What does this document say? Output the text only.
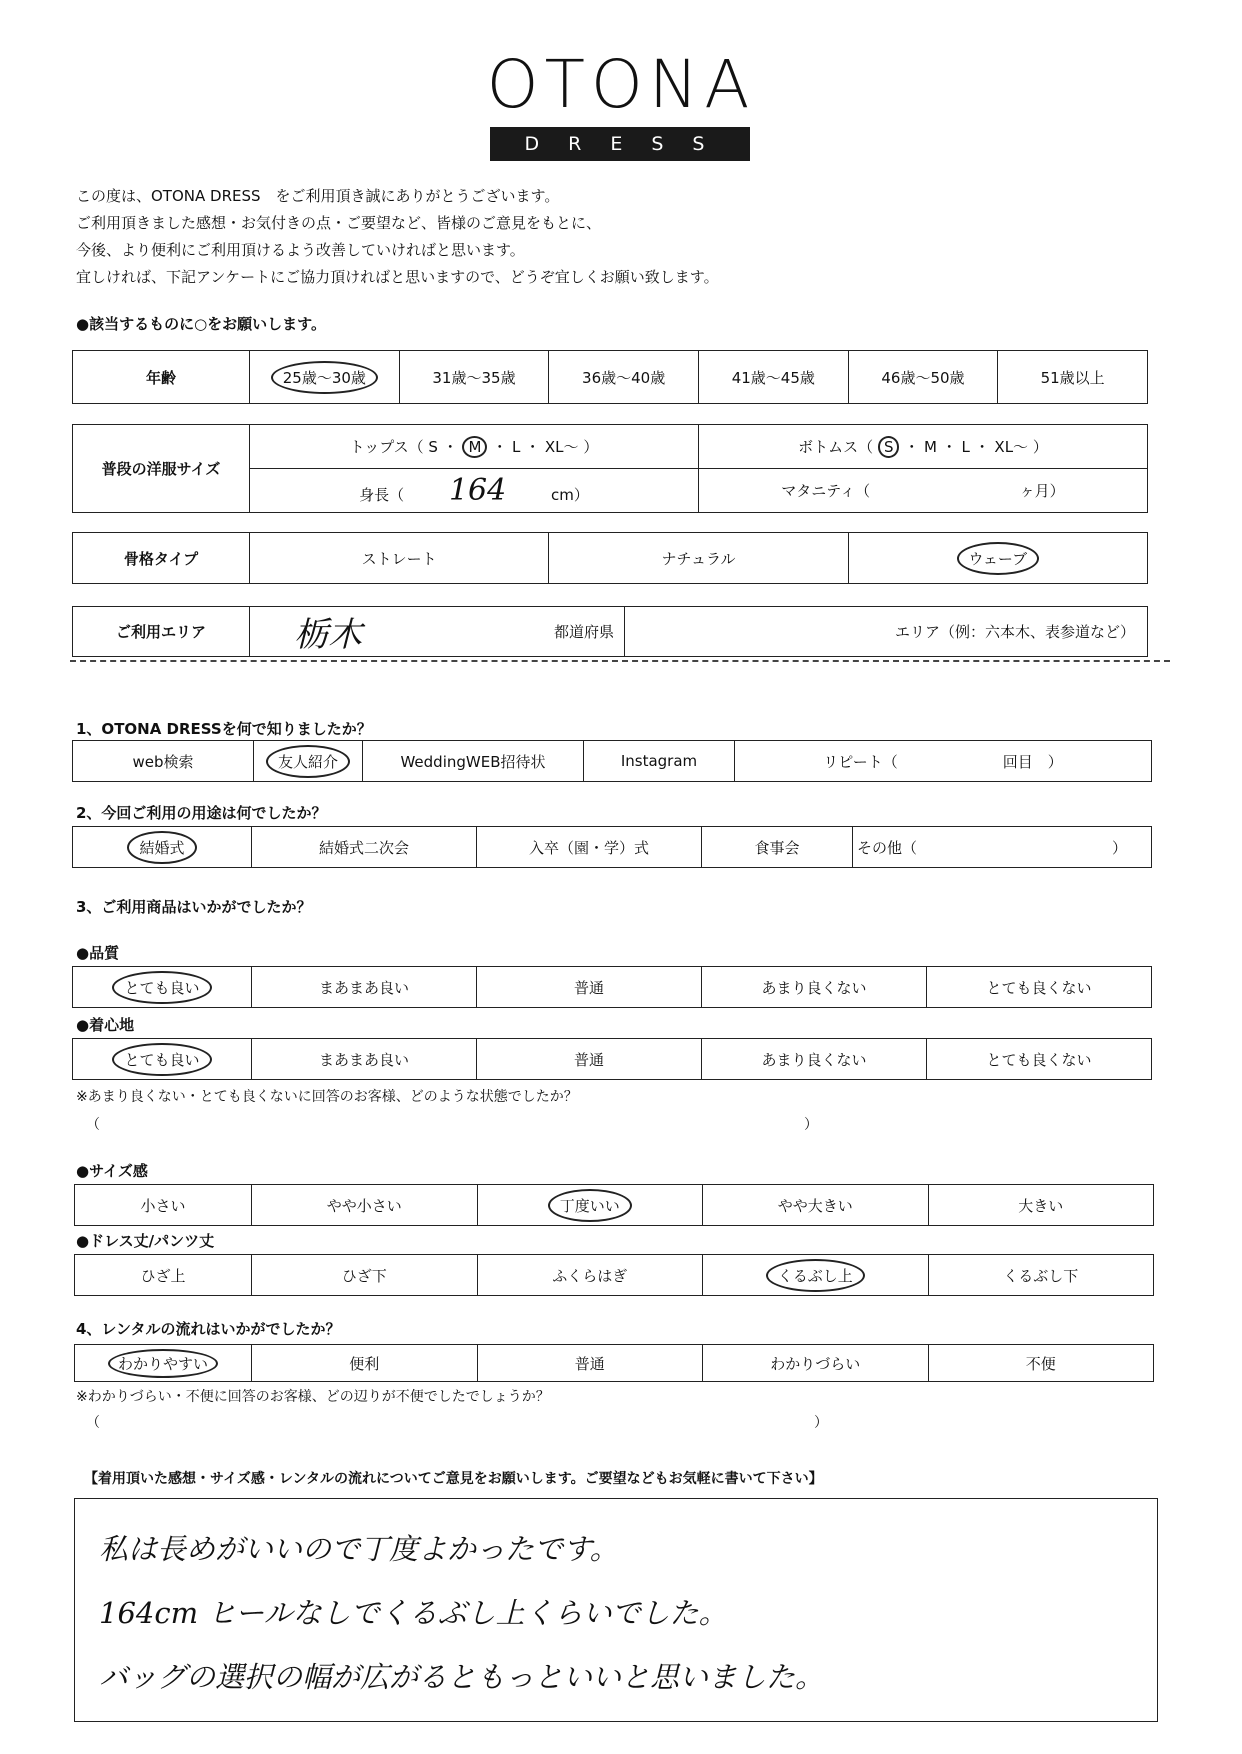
OTONA
DRESS
この度は、OTONA DRESS　をご利用頂き誠にありがとうございます。
ご利用頂きました感想・お気付きの点・ご要望など、皆様のご意見をもとに、
今後、より便利にご利用頂けるよう改善していければと思います。
宜しければ、下記アンケートにご協力頂ければと思いますので、どうぞ宜しくお願い致します。
●該当するものに○をお願いします。
年齢	25歳〜30歳	31歳〜35歳	36歳〜40歳	41歳〜45歳	46歳〜50歳	51歳以上
普段の洋服サイズ	トップス（ S ・ M ・ L ・ XL〜 ）	ボトムス（ S ・ M ・ L ・ XL〜 ）
	身長（ 164 cm）	マタニティ（ ヶ月）
骨格タイプ	ストレート	ナチュラル	ウェーブ
ご利用エリア	栃木	都道府県	エリア（例：六本木、表参道など）
1、OTONA DRESSを何で知りましたか？
web検索	友人紹介	WeddingWEB招待状	Instagram	リピート（　　　　　　　回目　）
2、今回ご利用の用途は何でしたか？
結婚式	結婚式二次会	入卒（園・学）式	食事会	その他（　　　　　　　　　　　　　）
3、ご利用商品はいかがでしたか？
●品質
とても良い	まあまあ良い	普通	あまり良くない	とても良くない
●着心地
とても良い	まあまあ良い	普通	あまり良くない	とても良くない
※あまり良くない・とても良くないに回答のお客様、どのような状態でしたか？
（	）
●サイズ感
小さい	やや小さい	丁度いい	やや大きい	大きい
●ドレス丈/パンツ丈
ひざ上	ひざ下	ふくらはぎ	くるぶし上	くるぶし下
4、レンタルの流れはいかがでしたか？
わかりやすい	便利	普通	わかりづらい	不便
※わかりづらい・不便に回答のお客様、どの辺りが不便でしたでしょうか？
（	）
【着用頂いた感想・サイズ感・レンタルの流れについてご意見をお願いします。ご要望などもお気軽に書いて下さい】
私は長めがいいので丁度よかったです。
164cm ヒールなしでくるぶし上くらいでした。
バッグの選択の幅が広がるともっといいと思いました。
